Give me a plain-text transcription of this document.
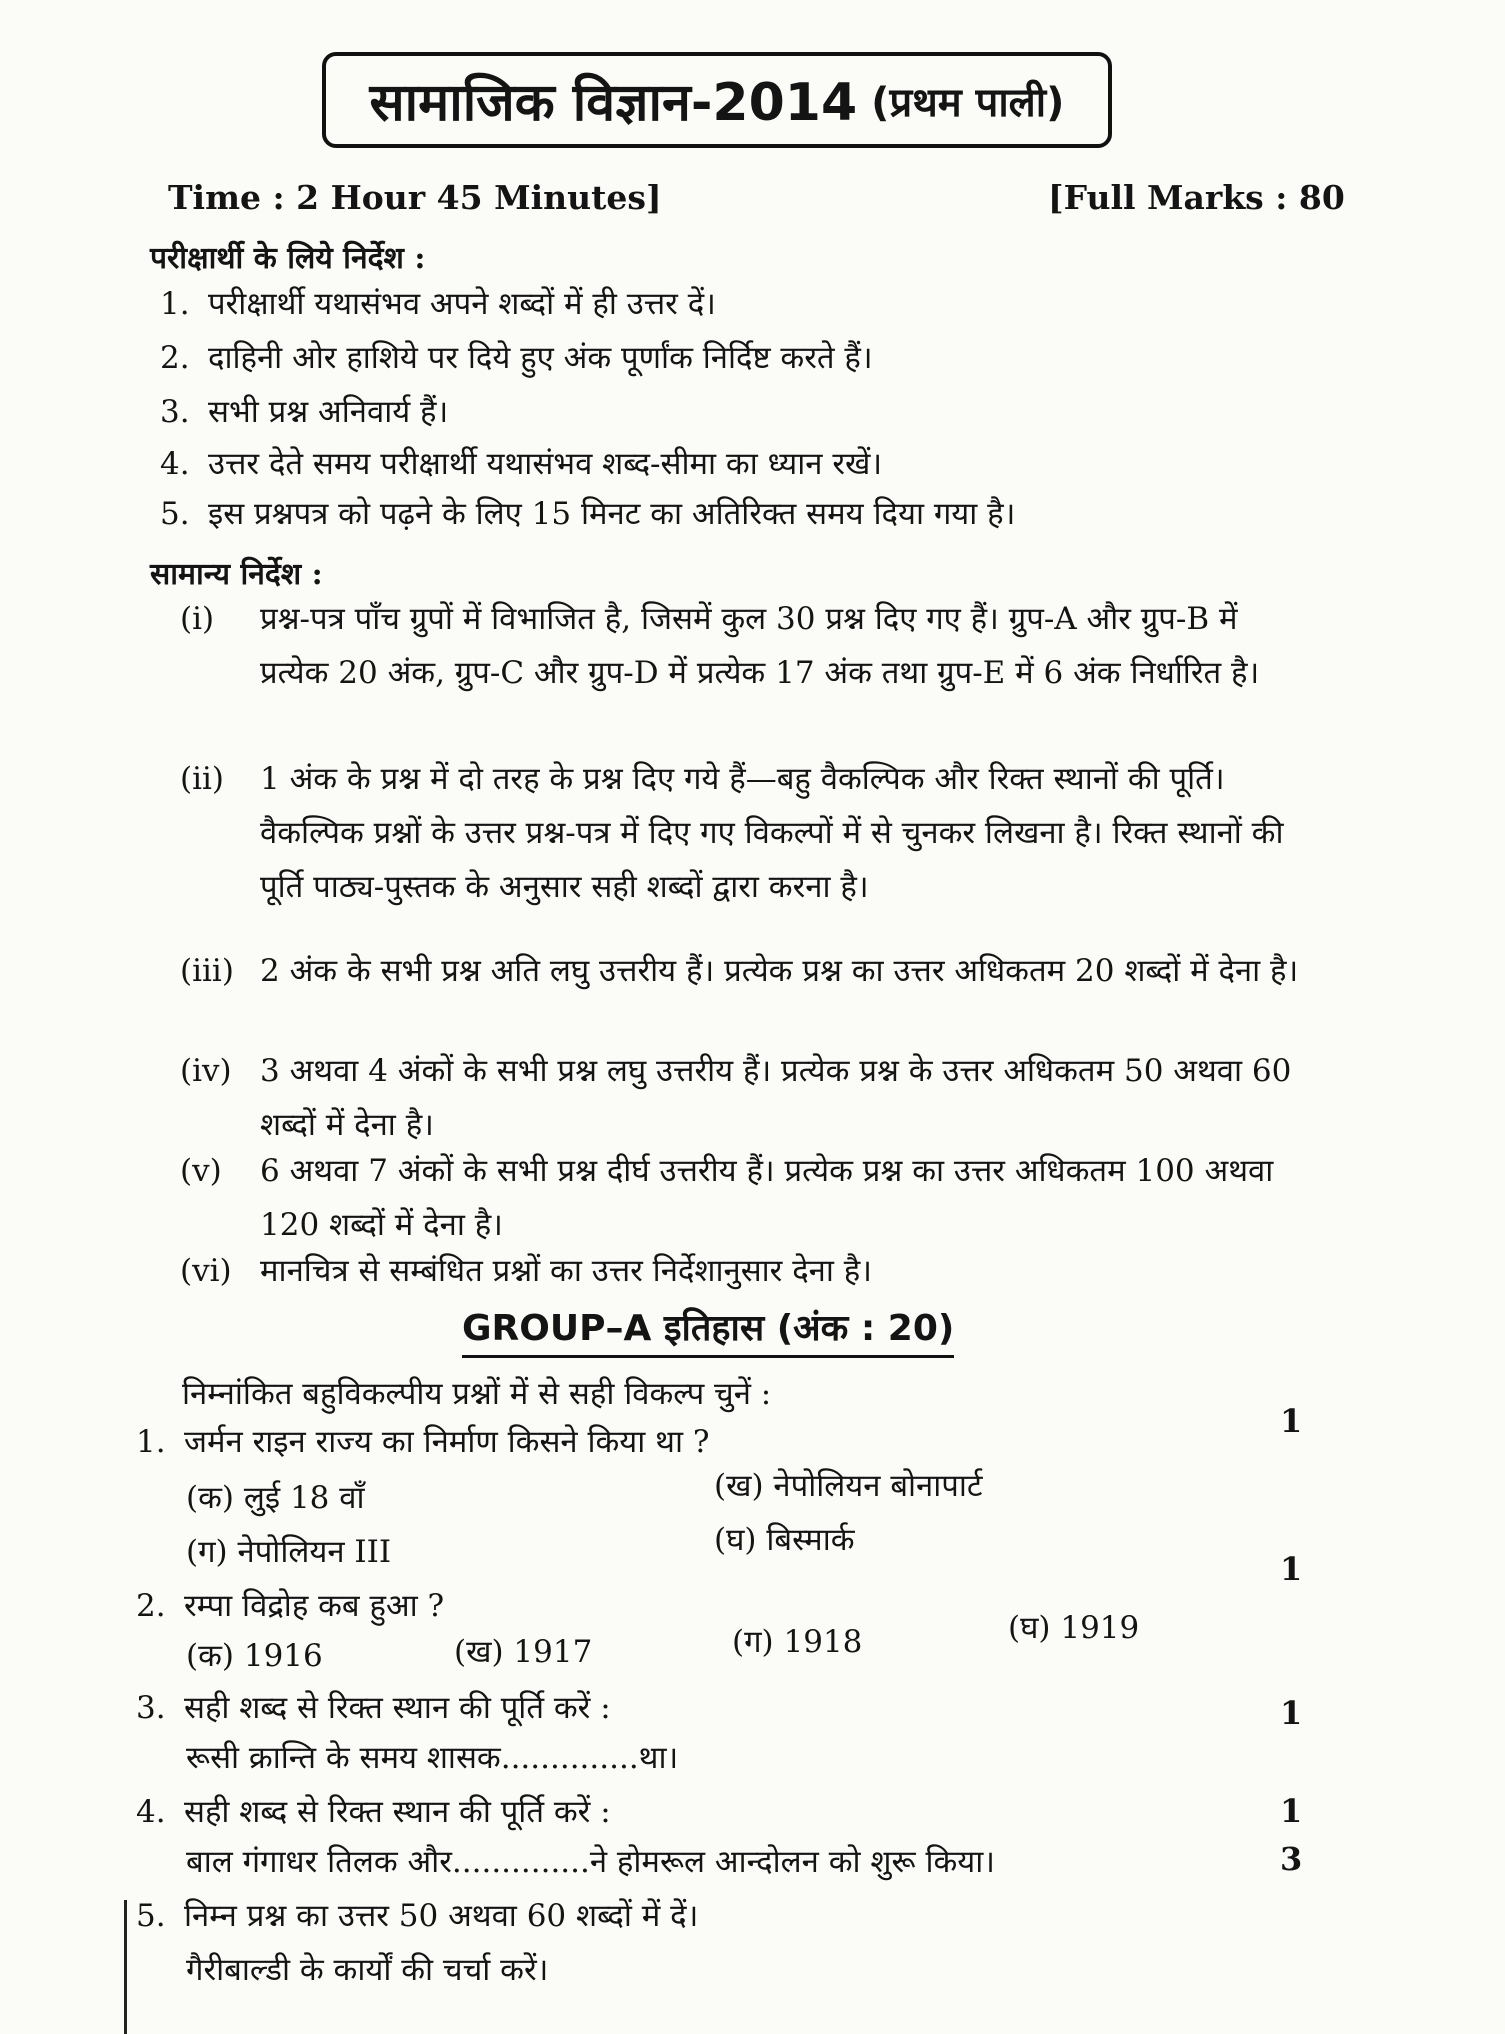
सामाजिक विज्ञान-2014 (प्रथम पाली)
Time : 2 Hour 45 Minutes]	[Full Marks : 80
परीक्षार्थी के लिये निर्देश :
1. परीक्षार्थी यथासंभव अपने शब्दों में ही उत्तर दें।
2. दाहिनी ओर हाशिये पर दिये हुए अंक पूर्णांक निर्दिष्ट करते हैं।
3. सभी प्रश्न अनिवार्य हैं।
4. उत्तर देते समय परीक्षार्थी यथासंभव शब्द-सीमा का ध्यान रखें।
5. इस प्रश्नपत्र को पढ़ने के लिए 15 मिनट का अतिरिक्त समय दिया गया है।
सामान्य निर्देश :
(i)	प्रश्न-पत्र पाँच ग्रुपों में विभाजित है, जिसमें कुल 30 प्रश्न दिए गए हैं। ग्रुप-A और ग्रुप-B में प्रत्येक 20 अंक, ग्रुप-C और ग्रुप-D में प्रत्येक 17 अंक तथा ग्रुप-E में 6 अंक निर्धारित है।
(ii)	1 अंक के प्रश्न में दो तरह के प्रश्न दिए गये हैं—बहु वैकल्पिक और रिक्त स्थानों की पूर्ति। वैकल्पिक प्रश्नों के उत्तर प्रश्न-पत्र में दिए गए विकल्पों में से चुनकर लिखना है। रिक्त स्थानों की पूर्ति पाठ्य-पुस्तक के अनुसार सही शब्दों द्वारा करना है।
(iii) 2 अंक के सभी प्रश्न अति लघु उत्तरीय हैं। प्रत्येक प्रश्न का उत्तर अधिकतम 20 शब्दों में देना है।
(iv) 3 अथवा 4 अंकों के सभी प्रश्न लघु उत्तरीय हैं। प्रत्येक प्रश्न के उत्तर अधिकतम 50 अथवा 60 शब्दों में देना है।
(v)	6 अथवा 7 अंकों के सभी प्रश्न दीर्घ उत्तरीय हैं। प्रत्येक प्रश्न का उत्तर अधिकतम 100 अथवा 120 शब्दों में देना है।
(vi) मानचित्र से सम्बंधित प्रश्नों का उत्तर निर्देशानुसार देना है।
GROUP–A इतिहास (अंक : 20)
निम्नांकित बहुविकल्पीय प्रश्नों में से सही विकल्प चुनें :
1. जर्मन राइन राज्य का निर्माण किसने किया था ?
1
(क) लुई 18 वाँ	(ख) नेपोलियन बोनापार्ट
(ग) नेपोलियन III	(घ) बिस्मार्क
1
2. रम्पा विद्रोह कब हुआ ?
(क) 1916	(ख) 1917	(ग) 1918	(घ) 1919
3. सही शब्द से रिक्त स्थान की पूर्ति करें :	1
रूसी क्रान्ति के समय शासक..............था।
4. सही शब्द से रिक्त स्थान की पूर्ति करें :	1
बाल गंगाधर तिलक और..............ने होमरूल आन्दोलन को शुरू किया।	3
5. निम्न प्रश्न का उत्तर 50 अथवा 60 शब्दों में दें।
गैरीबाल्डी के कार्यों की चर्चा करें।
